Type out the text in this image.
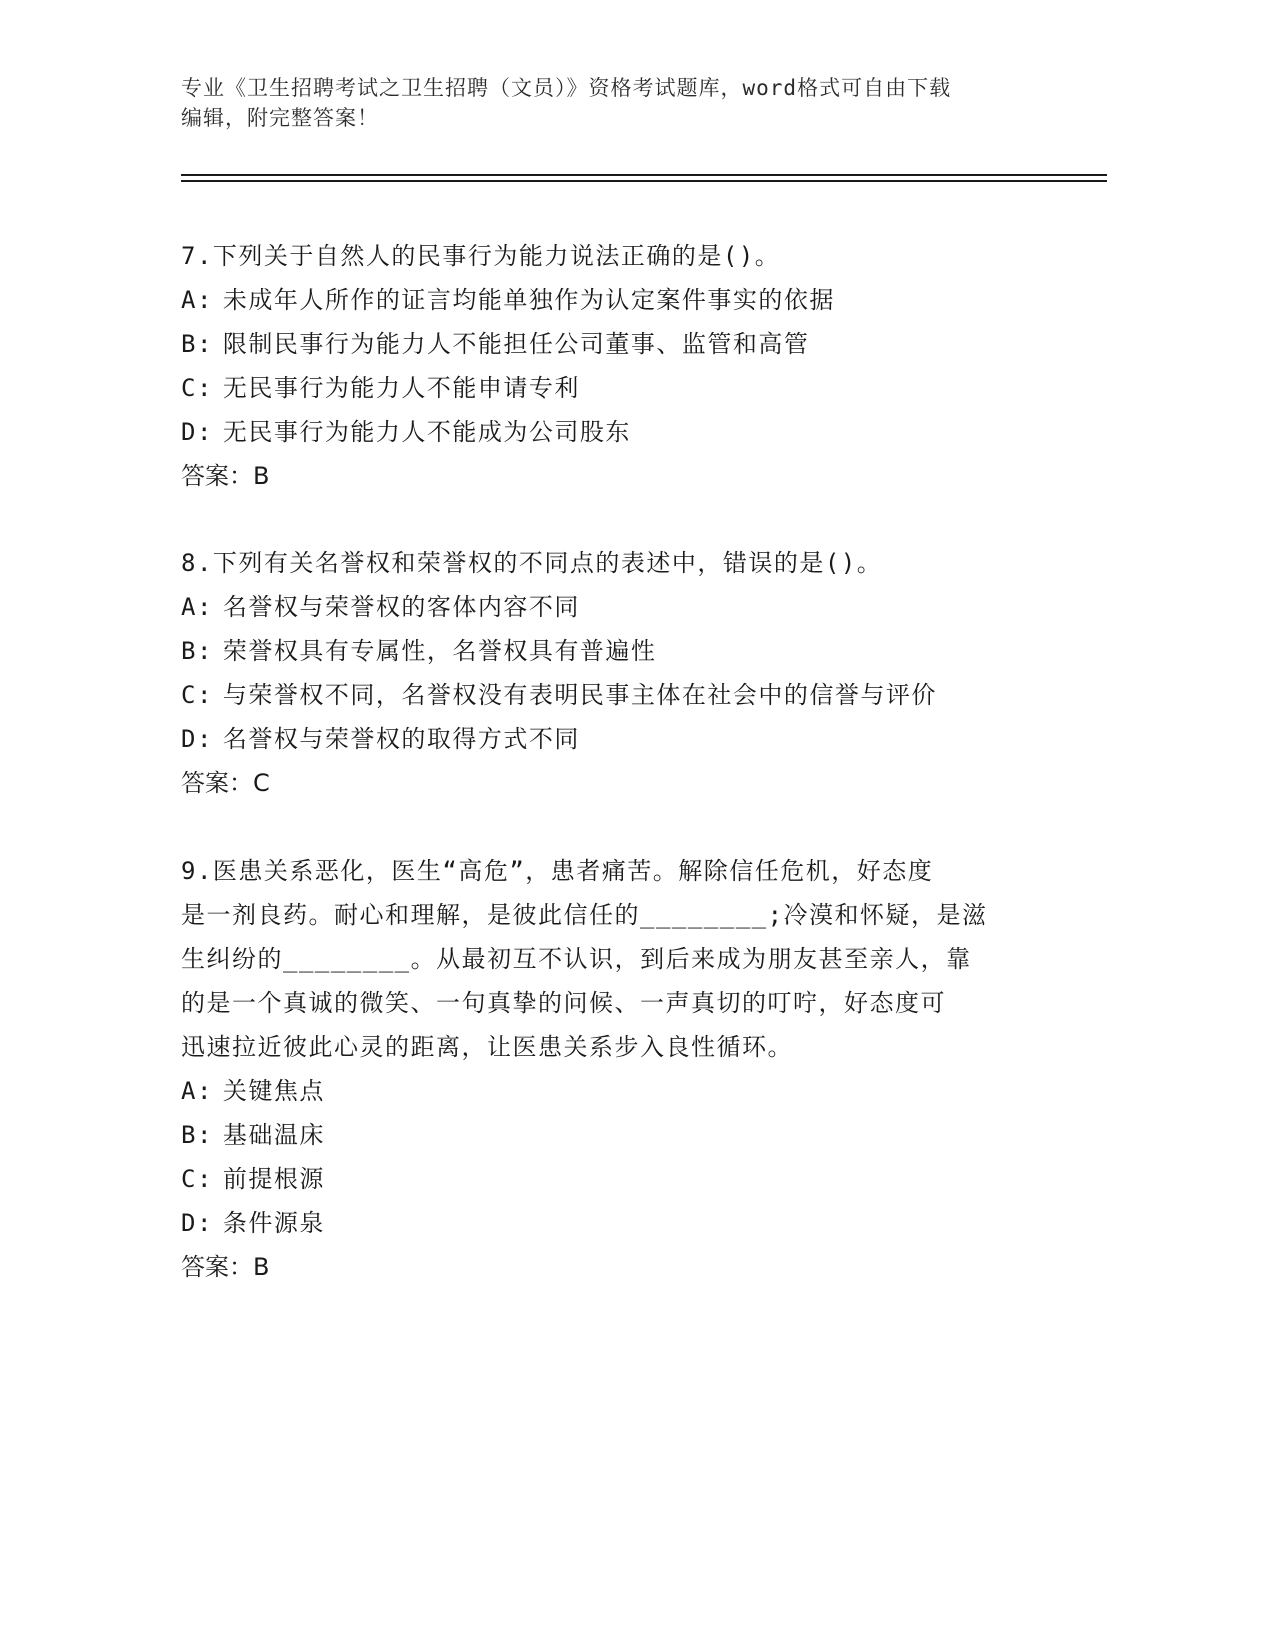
专业《卫生招聘考试之卫生招聘（文员）》资格考试题库，word格式可自由下载
编辑，附完整答案！
7.下列关于自然人的民事行为能力说法正确的是()。
A: 未成年人所作的证言均能单独作为认定案件事实的依据
B: 限制民事行为能力人不能担任公司董事、监管和高管
C: 无民事行为能力人不能申请专利
D: 无民事行为能力人不能成为公司股东
答案：B
8.下列有关名誉权和荣誉权的不同点的表述中，错误的是()。
A: 名誉权与荣誉权的客体内容不同
B: 荣誉权具有专属性，名誉权具有普遍性
C: 与荣誉权不同，名誉权没有表明民事主体在社会中的信誉与评价
D: 名誉权与荣誉权的取得方式不同
答案：C
9.医患关系恶化，医生“高危”，患者痛苦。解除信任危机，好态度
是一剂良药。耐心和理解，是彼此信任的________;冷漠和怀疑，是滋
生纠纷的________。从最初互不认识，到后来成为朋友甚至亲人，靠
的是一个真诚的微笑、一句真挚的问候、一声真切的叮咛，好态度可
迅速拉近彼此心灵的距离，让医患关系步入良性循环。
A: 关键焦点
B: 基础温床
C: 前提根源
D: 条件源泉
答案：B
